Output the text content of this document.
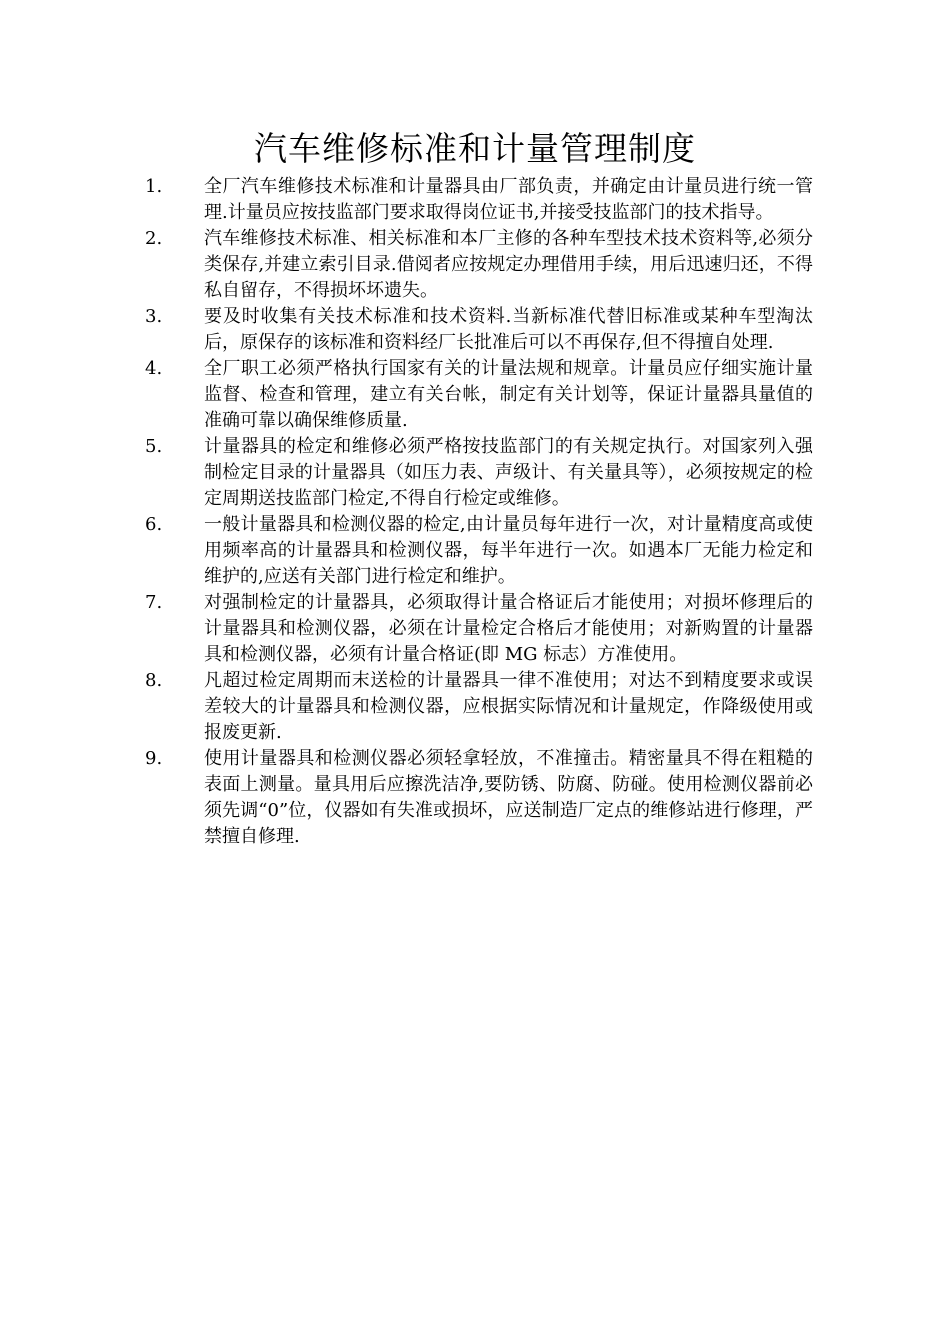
汽车维修标准和计量管理制度
1.	全厂汽车维修技术标准和计量器具由厂部负责，并确定由计量员进行统一管理.计量员应按技监部门要求取得岗位证书,并接受技监部门的技术指导。
2.	汽车维修技术标准、相关标准和本厂主修的各种车型技术技术资料等,必须分类保存,并建立索引目录.借阅者应按规定办理借用手续，用后迅速归还，不得私自留存，不得损坏坏遗失。
3.	要及时收集有关技术标准和技术资料.当新标准代替旧标准或某种车型淘汰后，原保存的该标准和资料经厂长批准后可以不再保存,但不得擅自处理.
4.	全厂职工必须严格执行国家有关的计量法规和规章。计量员应仔细实施计量监督、检查和管理，建立有关台帐，制定有关计划等，保证计量器具量值的准确可靠以确保维修质量.
5.	计量器具的检定和维修必须严格按技监部门的有关规定执行。对国家列入强制检定目录的计量器具（如压力表、声级计、有关量具等），必须按规定的检定周期送技监部门检定,不得自行检定或维修。
6.	一般计量器具和检测仪器的检定,由计量员每年进行一次，对计量精度高或使用频率高的计量器具和检测仪器，每半年进行一次。如遇本厂无能力检定和维护的,应送有关部门进行检定和维护。
7.	对强制检定的计量器具，必须取得计量合格证后才能使用；对损坏修理后的计量器具和检测仪器，必须在计量检定合格后才能使用；对新购置的计量器具和检测仪器，必须有计量合格证(即 MG 标志）方准使用。
8.	凡超过检定周期而末送检的计量器具一律不准使用；对达不到精度要求或误差较大的计量器具和检测仪器，应根据实际情况和计量规定，作降级使用或报废更新.
9.	使用计量器具和检测仪器必须轻拿轻放，不准撞击。精密量具不得在粗糙的表面上测量。量具用后应擦洗洁净,要防锈、防腐、防碰。使用检测仪器前必须先调“0”位，仪器如有失准或损坏，应送制造厂定点的维修站进行修理，严禁擅自修理.
